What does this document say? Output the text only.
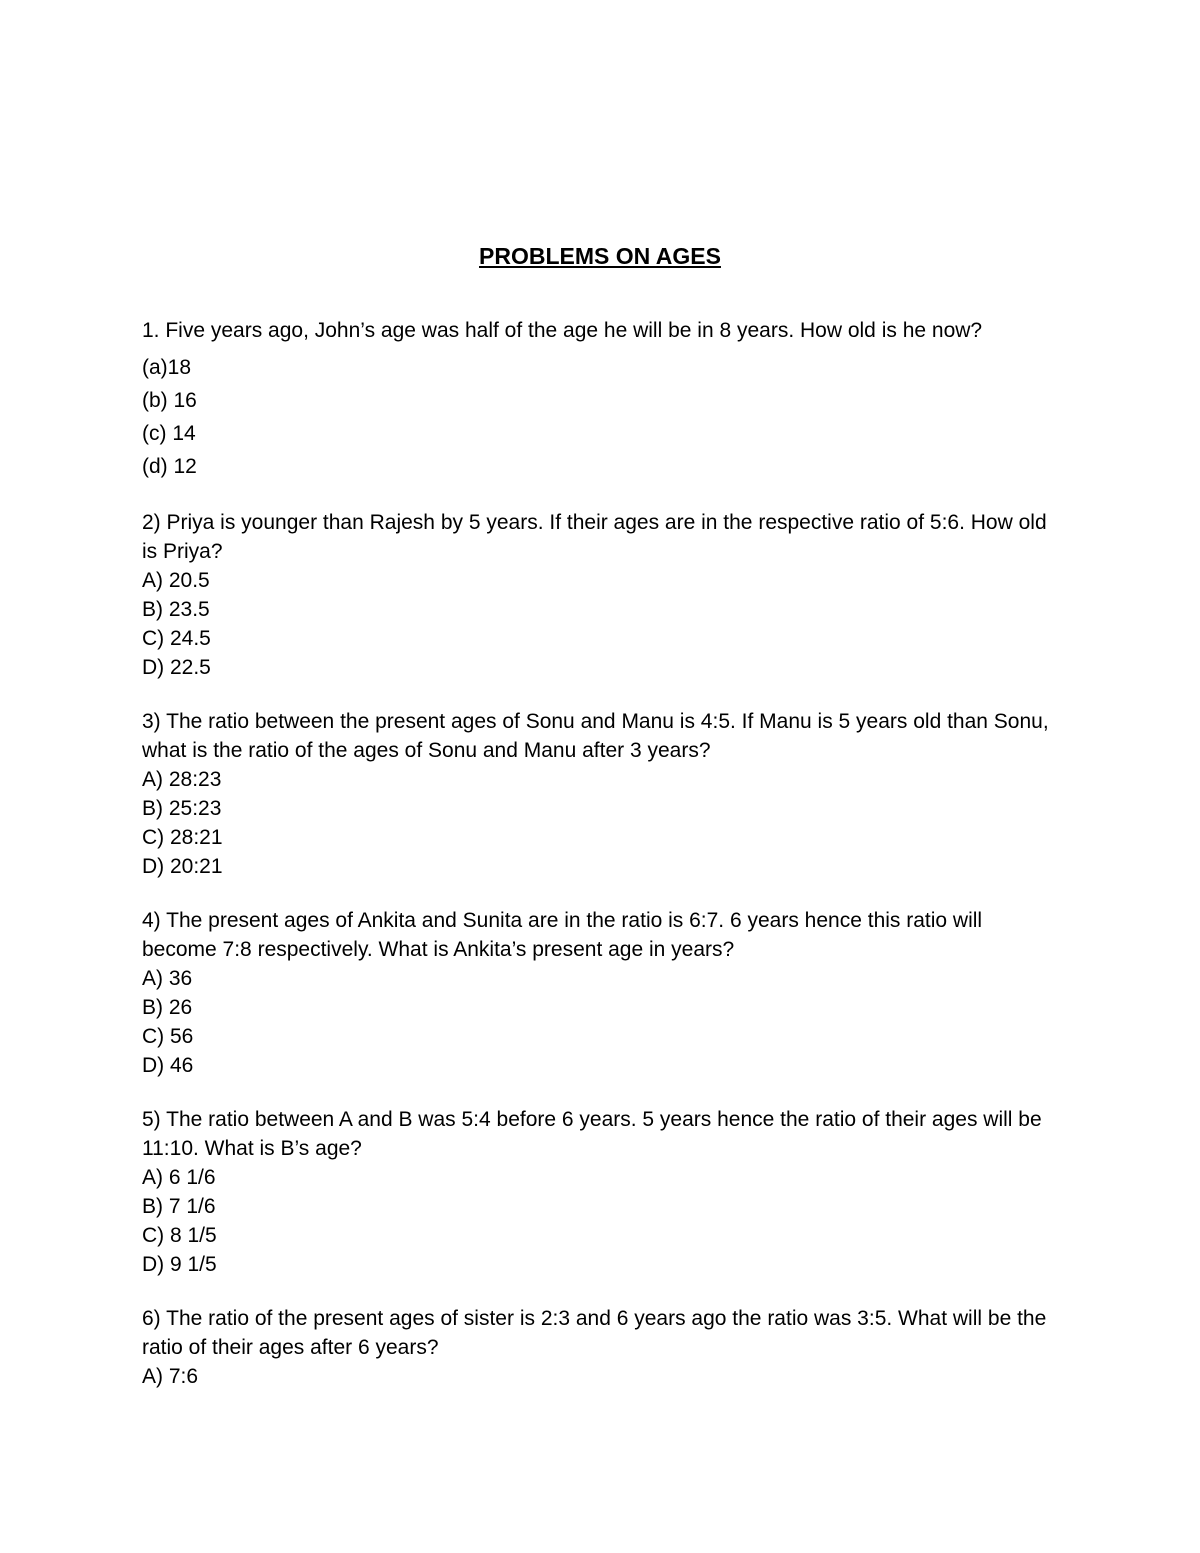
PROBLEMS ON AGES
1. Five years ago, John’s age was half of the age he will be in 8 years. How old is he now?
(a)18
(b) 16
(c) 14
(d) 12
2) Priya is younger than Rajesh by 5 years. If their ages are in the respective ratio of 5:6. How old is Priya?
A) 20.5
B) 23.5
C) 24.5
D) 22.5
3) The ratio between the present ages of Sonu and Manu is 4:5. If Manu is 5 years old than Sonu, what is the ratio of the ages of Sonu and Manu after 3 years?
A) 28:23
B) 25:23
C) 28:21
D) 20:21
4) The present ages of Ankita and Sunita are in the ratio is 6:7. 6 years hence this ratio will become 7:8 respectively. What is Ankita’s present age in years?
A) 36
B) 26
C) 56
D) 46
5) The ratio between A and B was 5:4 before 6 years. 5 years hence the ratio of their ages will be 11:10. What is B’s age?
A) 6 1/6
B) 7 1/6
C) 8 1/5
D) 9 1/5
6) The ratio of the present ages of sister is 2:3 and 6 years ago the ratio was 3:5. What will be the ratio of their ages after 6 years?
A) 7:6
